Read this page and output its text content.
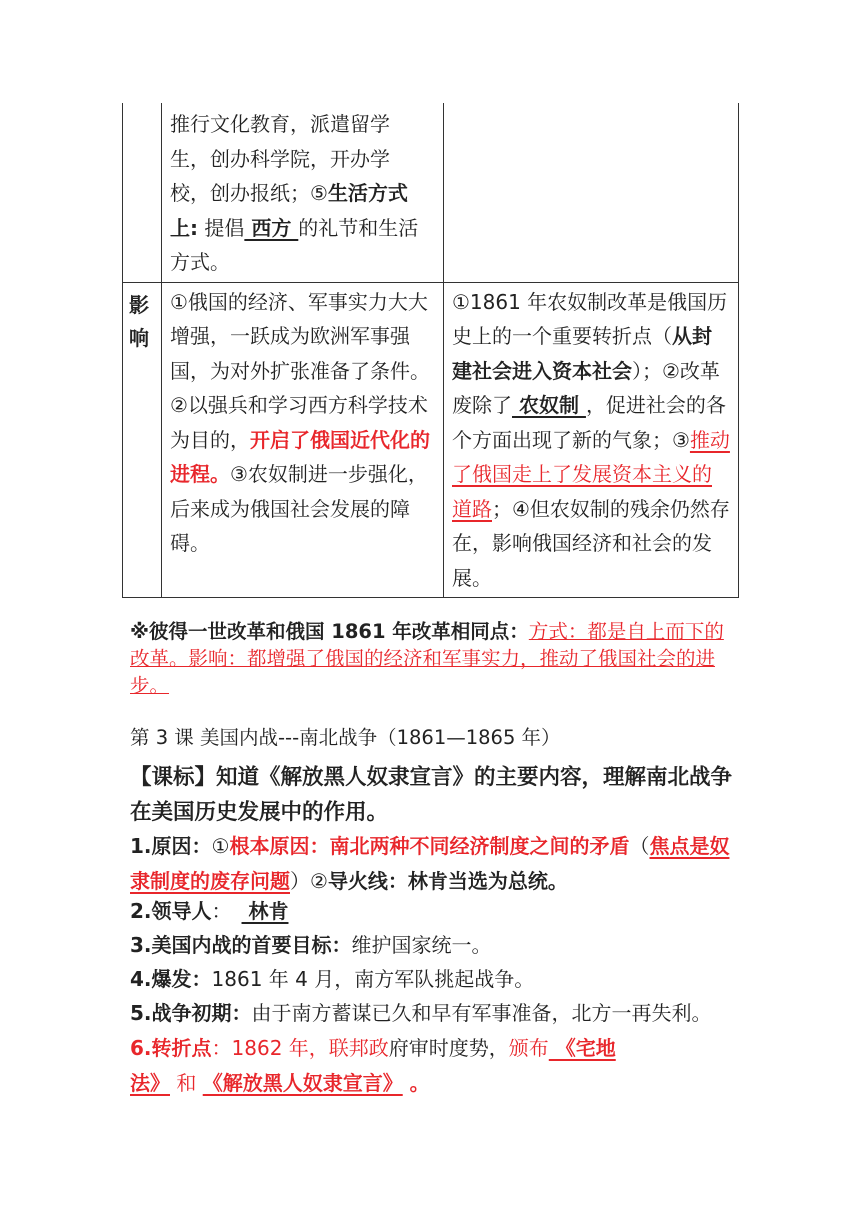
	推行文化教育，派遣留学
生，创办科学院，开办学
校，创办报纸；⑤生活方式
上: 提倡 西方 的礼节和生活
方式。	

影
响	①俄国的经济、军事实力大大增强，一跃成为欧洲军事强国，为对外扩张准备了条件。②以强兵和学习西方科学技术为目的，开启了俄国近代化的进程。③农奴制进一步强化，后来成为俄国社会发展的障碍。	①1861 年农奴制改革是俄国历史上的一个重要转折点（从封建社会进入资本社会）；②改革废除了 农奴制 ，促进社会的各个方面出现了新的气象；③推动了俄国走上了发展资本主义的道路；④但农奴制的残余仍然存在，影响俄国经济和社会的发展。
※彼得一世改革和俄国 1861 年改革相同点：方式：都是自上而下的改革。影响：都增强了俄国的经济和军事实力，推动了俄国社会的进步。
第 3 课 美国内战---南北战争（1861—1865 年）
【课标】知道《解放黑人奴隶宣言》的主要内容，理解南北战争在美国历史发展中的作用。
1.原因：①根本原因：南北两种不同经济制度之间的矛盾（焦点是奴隶制度的废存问题）②导火线：林肯当选为总统。
2.领导人： 林肯
3.美国内战的首要目标：维护国家统一。
4.爆发：1861 年 4 月，南方军队挑起战争。
5.战争初期：由于南方蓄谋已久和早有军事准备，北方一再失利。
6.转折点：1862 年，联邦政府审时度势，颁布 《宅地
法》 和 《解放黑人奴隶宣言》 。
